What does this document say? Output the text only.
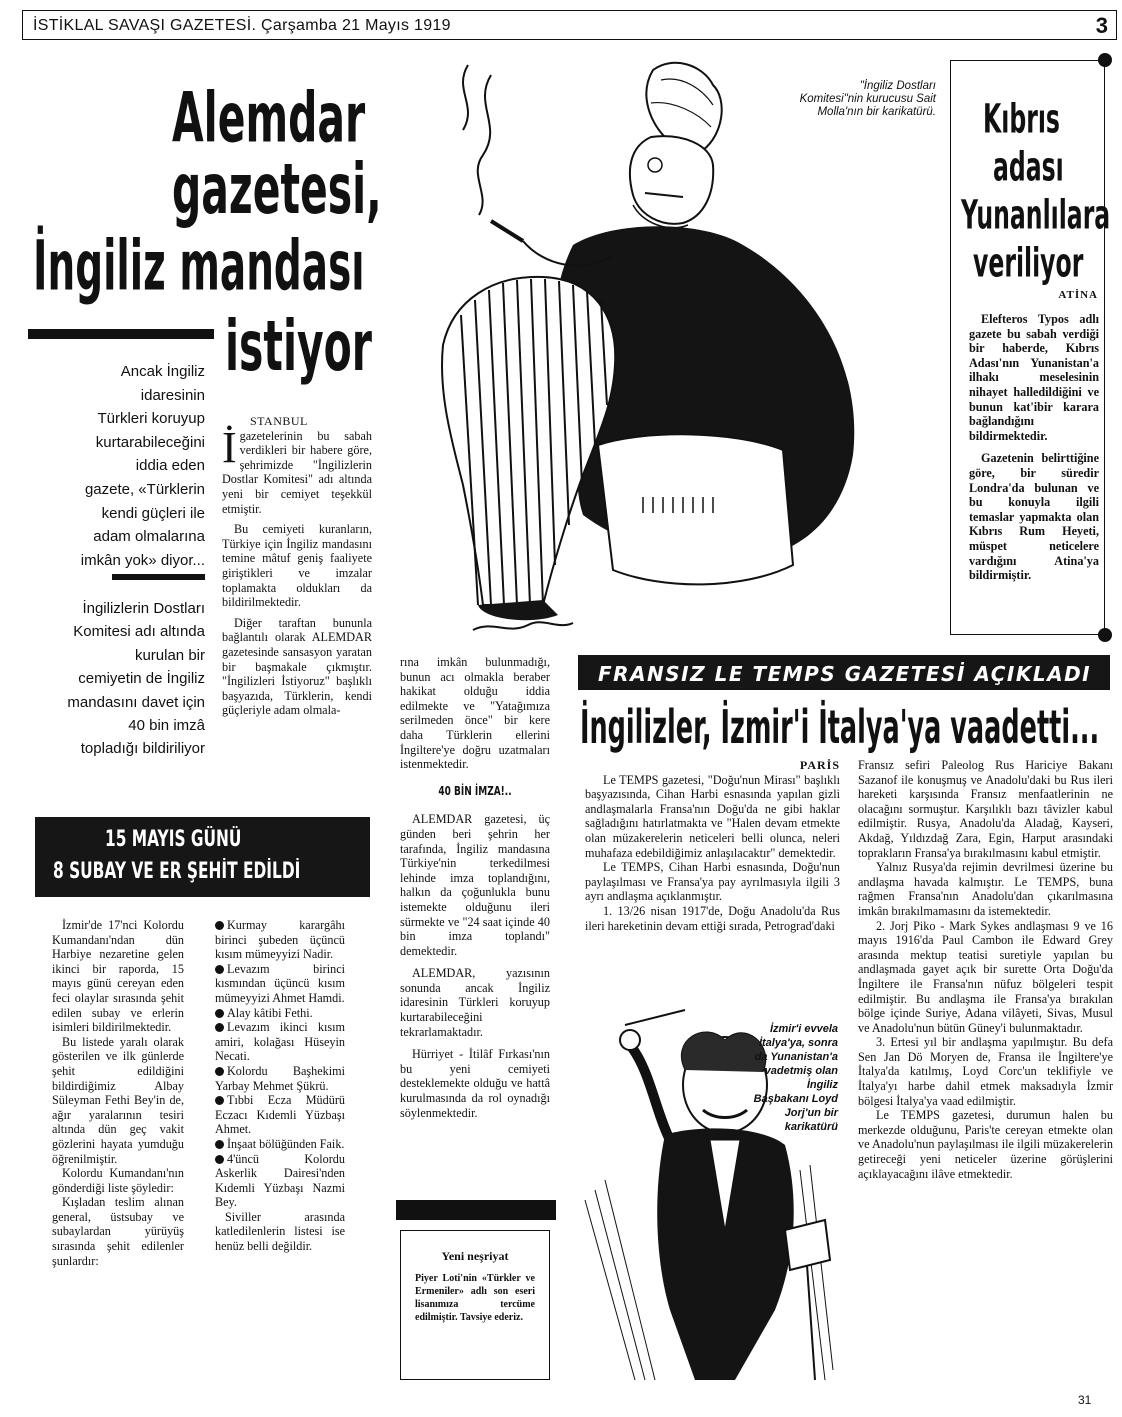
İSTİKLAL SAVAŞI GAZETESİ. Çarşamba 21 Mayıs 1919	3
Alemdar
gazetesi,
İngiliz mandası
istiyor
Ancak İngiliz
idaresinin
Türkleri koruyup
kurtarabileceğini
iddia eden
gazete, «Türklerin
kendi güçleri ile
adam olmalarına
imkân yok» diyor...
İngilizlerin Dostları
Komitesi adı altında
kurulan bir
cemiyetin de İngiliz
mandasını davet için
40 bin imzâ
topladığı bildiriliyor
STANBUL
İ gazetelerinin bu sabah verdikleri bir habere göre, şehrimizde "İngilizlerin Dostlar Komitesi" adı altında yeni bir cemiyet teşekkül etmiştir.

Bu cemiyeti kuranların, Türkiye için İngiliz mandasını temine mâtuf geniş faaliyete giriştikleri ve imzalar toplamakta oldukları da bildirilmektedir.

Diğer taraftan bununla bağlantılı olarak ALEMDAR gazetesinde sansasyon yaratan bir başmakale çıkmıştır. "İngilizleri İstiyoruz" başlıklı başyazıda, Türklerin, kendi güçleriyle adam olmala-

"İngiliz Dostları Komitesi"nin kurucusu Sait Molla'nın bir karikatürü. Kıbrıs
adası
Yunanlılara
veriliyor
ATİNA

Elefteros Typos adlı gazete bu sabah verdiği bir haberde, Kıbrıs Adası'nın Yunanistan'a ilhakı meselesinin nihayet halledildiğini ve bunun kat'ibir karara bağlandığını bildirmektedir.

Gazetenin belirttiğine göre, bir süredir Londra'da bulunan ve bu konuyla ilgili temaslar yapmakta olan Kıbrıs Rum Heyeti, müspet neticelere vardığını Atina'ya bildirmiştir.

rına imkân bulunmadığı, bunun acı olmakla beraber hakikat olduğu iddia edilmekte ve "Yatağımıza serilmeden önce" bir kere daha Türklerin ellerini İngiltere'ye doğru uzatmaları istenmektedir.

40 BİN İMZA!..

ALEMDAR gazetesi, üç günden beri şehrin her tarafında, İngiliz mandasına Türkiye'nin terkedilmesi lehinde imza toplandığını, halkın da çoğunlukla bunu istemekte olduğunu ileri sürmekte ve "24 saat içinde 40 bin imza toplandı" demektedir.

ALEMDAR, yazısının sonunda ancak İngiliz idaresinin Türkleri koruyup kurtarabileceğini tekrarlamaktadır.

Hürriyet - İtilâf Fırkası'nın bu yeni cemiyeti desteklemekte olduğu ve hattâ kurulmasında da rol oynadığı söylenmektedir.

Yeni neşriyat

Piyer Loti'nin «Türkler ve Ermeniler» adlı son eseri lisanımıza tercüme edilmiştir. Tavsiye ederiz.

15 MAYIS GÜNÜ
8 SUBAY VE ER ŞEHİT EDİLDİ

İzmir'de 17'nci Kolordu Kumandanı'ndan dün Harbiye nezaretine gelen ikinci bir raporda, 15 mayıs günü cereyan eden feci olaylar sırasında şehit edilen subay ve erlerin isimleri bildirilmektedir.

Bu listede yaralı olarak gösterilen ve ilk günlerde şehit edildiğini bildirdiğimiz Albay Süleyman Fethi Bey'in de, ağır yaralarının tesiri altında dün geç vakit gözlerini hayata yumduğu öğrenilmiştir.

Kolordu Kumandanı'nın gönderdiği liste şöyledir:

Kışladan teslim alınan general, üstsubay ve subaylardan yürüyüş sırasında şehit edilenler şunlardır:

Kurmay karargâhı birinci şubeden üçüncü kısım mümeyyizi Nadir.

Levazım birinci kısmından üçüncü kısım mümeyyizi Ahmet Hamdi.

Alay kâtibi Fethi.

Levazım ikinci kısım amiri, kolağası Hüseyin Necati.

Kolordu Başhekimi Yarbay Mehmet Şükrü.

Tıbbi Ecza Müdürü Eczacı Kıdemli Yüzbaşı Ahmet.

İnşaat bölüğünden Faik.

4'üncü Kolordu Askerlik Dairesi'nden Kıdemli Yüzbaşı Nazmi Bey.

Siviller arasında katledilenlerin listesi ise henüz belli değildir.

FRANSIZ LE TEMPS GAZETESİ AÇIKLADI
İngilizler, İzmir'i İtalya'ya vaadetti...
PARİS

Le TEMPS gazetesi, "Doğu'nun Mirası" başlıklı başyazısında, Cihan Harbi esnasında yapılan gizli andlaşmalarla Fransa'nın Doğu'da ne gibi haklar sağladığını hatırlatmakta ve "Halen devam etmekte olan müzakerelerin neticeleri belli olunca, neleri muhafaza edebildiğimiz anlaşılacaktır" demektedir.

Le TEMPS, Cihan Harbi esnasında, Doğu'nun paylaşılması ve Fransa'ya pay ayrılmasıyla ilgili 3 ayrı andlaşma açıklanmıştır.

1. 13/26 nisan 1917'de, Doğu Anadolu'da Rus ileri hareketinin devam ettiği sırada, Petrograd'daki

İzmir'i evvela İtalya'ya, sonra da Yunanistan'a vadetmiş olan İngiliz Başbakanı Loyd Jorj'un bir karikatürü

Fransız sefiri Paleolog Rus Hariciye Bakanı Sazanof ile konuşmuş ve Anadolu'daki bu Rus ileri hareketi karşısında Fransız menfaatlerinin ne olacağını sormuştur. Karşılıklı bazı tâvizler kabul edilmiştir. Rusya, Anadolu'da Aladağ, Kayseri, Akdağ, Yıldızdağ Zara, Egin, Harput arasındaki toprakların Fransa'ya bırakılmasını kabul etmiştir.

Yalnız Rusya'da rejimin devrilmesi üzerine bu andlaşma havada kalmıştır. Le TEMPS, buna rağmen Fransa'nın Anadolu'dan çıkarılmasına imkân bırakılmamasını da istemektedir.

2. Jorj Piko - Mark Sykes andlaşması 9 ve 16 mayıs 1916'da Paul Cambon ile Edward Grey arasında mektup teatisi suretiyle yapılan bu andlaşmada gayet açık bir surette Orta Doğu'da İngiltere ile Fransa'nın nüfuz bölgeleri tespit edilmiştir. Bu andlaşma ile Fransa'ya bırakılan bölge içinde Suriye, Adana vilâyeti, Sivas, Musul ve Anadolu'nun bütün Güney'i bulunmaktadır.

3. Ertesi yıl bir andlaşma yapılmıştır. Bu defa Sen Jan Dö Moryen de, Fransa ile İngiltere'ye İtalya'da katılmış, Loyd Corc'un teklifiyle ve İtalya'yı harbe dahil etmek maksadıyla İzmir bölgesi İtalya'ya vaad edilmiştir.

Le TEMPS gazetesi, durumun halen bu merkezde olduğunu, Paris'te cereyan etmekte olan ve Anadolu'nun paylaşılması ile ilgili müzakerelerin getireceği yeni neticeler üzerine görüşlerini açıklayacağını ilâve etmektedir.

31
